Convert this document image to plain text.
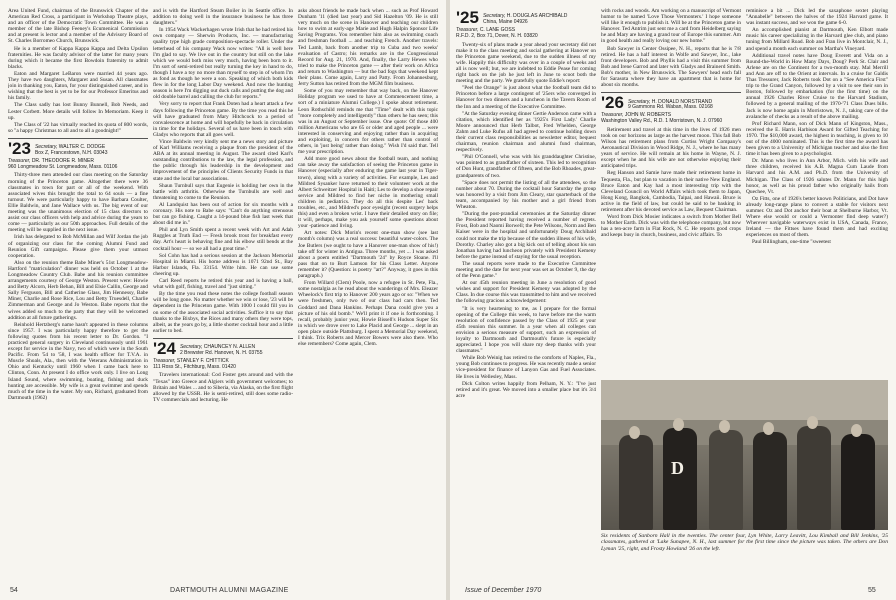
Area United Fund, chairman of the Brunswick Chapter of the American Red Cross, a participant in Workshop Theatre plays, and an officer of the Democratic Town Committee. He was a member of the late Bishop Feeney's Ecumenical Commission and at present is lector and a member of the Advisory Board of St. Charles Borromeo Church, Brunswick.

He is a member of Kappa Kappa Kappa and Delta Upsilon fraternities. He was faculty advisor of the latter for many years during which it became the first Bowdoin fraternity to admit blacks.

Eaton and Margaret LeBaron were married 44 years ago. They have two daughters, Margaret and Susan. All classmates join in thanking you, Eaton, for your distinguished career, and in wishing that the best is yet to be for our Professor Emeritus and his family.

The Class sadly has lost Bunny Bunnell, Bob Needs, and Lester Corbett. More details will follow In Memoriam. Keep it up.

The Class of '22 has virtually reached its quota of 800 words, so "a happy Christmas to all and to all a goodnight!"

'23 Secretary, WALTER C. DODGE
Box Z, Francestown, N.H. 03043
Treasurer, DR. THEODORE R. MINER
960 Longmeadow St. Longmeadow, Mass. 01106

Thirty-three men attended our class meeting on the Saturday morning of the Princeton game. Altogether there were 36 classmates in town for part or all of the weekend. With associated wives this brought the total to 64 souls — a fine turnout. We were particularly happy to have Barbara Coulter, Ellie Baldwin, and Jane Wallace with us. The big event of our meeting was the unanimous election of 15 class directors to assist our class officers with help and advice during the years to come — particularly as our 50th approaches. Full details of the meeting will be supplied in the next issue.

Irish has delegated to Bob McMillan and Wilf Jordan the job of organizing our class for the coming Alumni Fund and Reunion Gift campaigns. Please give them your utmost cooperation.

Also on the reunion theme Babe Miner's 51st Longmeadow-Hartford "matriculation" dinner was held on October 1 at the Longmeadow Country Club. Babe and his reunion committee arrangements courtesy of George Weston. Present were: Howie and Betty Alcorn, Herb Behan, Bill and Elsie Callin, George and Sally Ferguson, Bill and Catherine Glass, Jim Hennessy, Babe Miner, Charlie and Rose Rice, Lou and Betty Truesdell, Charlie Zimmerman and George and Jo Weston. Babe reports that the wives added so much to the party that they will be welcomed addition at all future gatherings.

Reinhold Hertzberg's name hasn't appeared in these columns since 1957. I was particularly happy therefore to get the following quotes from his recent letter to Dr. Gordon. "I practiced general surgery in Cleveland continuously until 1961 except for service in the Navy, two of which were in the South Pacific. From '54 to '58, I was health officer for T.V.A. in Muscle Shoals, Ala., then with the Veterans Administration in Ohio and Kentucky until 1960 when I came back here to Clinton, Conn. At present I do office work only. I live on Long Island Sound, where swimming, boating, fishing and duck hunting are accessible. My wife is a great swimmer and spends much of the time in the water. My son, Richard, graduated from Dartmouth (1962)

and is with the Hartford Steam Boiler in its Seattle office. In addition to doing well in the insurance business he has three daughters."

In 1954 Wack Wackerhagen wrote Irish that he had retired his own company — Sherwin Products, Inc. — manufacturing quality type high grade composition-spectacle roller. Under the letterhead of his company Wack now writes: "All is well here I'm glad to say. We live out in the country but still on the lake which we would both miss very much, having been born to it. I'm sort of semi-retired but really turning the key in hand to do, though I have a toy no more than myself to step in of whom I'm as fond as though he were a son. Speaking of which both kids flew in for the long Labor Day weekend. And now the hunting season is here I'm digging out duck calls and putting the dog and old double barrel and calling the club for reports."

Very sorry to report that Frank Doten had a heart attack a few days following the Princeton game. By the time you read this he will have graduated from Mary Hitchcock to a period of convalescence at home and will hopefully be back in circulation in time for the holidays. Several of us have been in touch with Gladys who reports that all goes well.

Vince Baldwin very kindly sent me a news story and picture of Karl Williams receiving a plaque from the president of the ABA at its annual meeting in August. The award cited Karl's outstanding contributions to the law, the legal profession, and the public through his leadership in the development and improvement of the principles of Clients Security Funds in that state and the local bar associations.

Shaun Turnbull says that Eugenie is holding her own in the battle with arthritis. Otherwise the Turnbulls are well and threatening to come to the Reunion.

Al Landquist has been out of action for six months with a coronary. His note to Babe says: "Can't do anything strenuous but can go fishing. Caught a 14-pound blue fish last week that about did me in."

Phil and Lyn Smith spent a recent week with Art and Adah Ruggles at Truth End — Fresh brook trout for breakfast every day. Art's heart is behaving fine and his elbow still bends at the cocktail hour — so we all had a great time."

Sol Cohn has had a serious session at the Jackson Memorial Hospital in Miami. His home address is 1071 92nd St., Bay Harbor Islands, Fla. 33154. Write him. He can use some cheering up.

Carl Reed reports he retired this year and is having a ball, what with golf, fishing, travel and "just sitting."

By the time you read these notes the college football season will be long gone. No matter whether we win or lose, '23 will be dependent in the Princeton game. With 1000 I could fill you in on some of the associated social activities. Suffice it to say that thanks to the Bixbys, the Rices and many others they were tops, albeit, as the years go by, a little shorter cocktail hour and a little earlier to bed.

'24 Secretary, CHAUNCEY N. ALLEN
2 Brewster Rd. Hanover, N. H. 03755
Treasurer, STANLEY F. CHITTICK
111 Ross St., Fitchburg, Mass. 01420

Travelers international: Cod Foster gets around and with the "Texas" into Greece and Algiers with government welcomes; to Britain and Wales ... and to Siberia, via Alaska, on the first flight allowed by the USSR. He is semi-retired, still does some radio-TV commercials and lecturing. He

asks about friends he made back when ... such as Prof Howard Dunham '11 (died last year) and Sid Hazelton '09. He is still very much on the scene in Hanover and teaching our children how to swim at early-age Marie and Hugh Halpin Sponsor Life Saving Programs. You remember him also as swimming coach and freshman football ... and teaching French. Another travels: Ted Lamb, back from another trip to Cuba and two weeks' evaluation of Castro; his remarks are in the Congressional Record for Aug. 21, 1970. And, finally, the Larry Hewes who tried to make the Princeton game — after their work on Africa and return to Washington — but the bad fogs that weekend kept their plans. Come again, Larry and Patty. From Johannesburg, Jerry Sutton has retired from the MGM film business.

Some of you may remember that way back, on the Hanover Holiday program we used to have at Commencement time, a sort of a miniature Alumni College.) I spoke about retirement. Leon Rothschild reminds me that "Time" dealt with this topic "more completely and intelligently" than others he has seen; this was in an August or September issue. One quote: Of those 400 million Americans who are 65 or older and aged people ... were interested in conserving and enjoying rather than in acquiring and exploiting, in concern for others rather than control of others, in 'just being' rather than doing." Wish I'd said that. Tell me your prescription.

Add more good news about the football team, and nothing can take away the satisfaction of seeing the Princeton game in Hanover (especially after enduring the game last year in Tiger-town), along with a variety of activities. For example, Les and Mildred Sysanker have returned to their volunteer work at the Albert Schweitzer Hospital in Haiti; Les to develop a shoe repair service and Mildred to find her niche in mothering small children in pediatrics. They do all this despite Les' back troubles, etc., and Mildred's poor eyesight (recent surgery helps this) and even a broken wrist. I have their detailed story on file; it will, perhaps, make you ask yourself some questions about your -patience and living.

Art notes: Dick Morin's recent one-man show (see last month's column) was a real success: beautiful water-colors. The Joe Butlers (we ought to have a Hanover one-man show of his!) take off for winter in Antigua. Three months, yet ... I was asked about a poem entitled "Dartmouth '24" by Royce Sloane. I'll pass that on to Burt Lamson for his Class Letter. Anyone remember it? (Question: is poetry "art?" Anyway, it goes in this paragraph.)

From Willard (Clem) Poole, now a refugee in St. Pete, Fla., some nostalgia as he read about the wanderings of Mrs. Eleazer Wheelock's first trip to Hanover 200 years ago or so: "When we were freshmen, only two of our class had cars then. Ted Goddard and Dana Hankins. Perhaps Dana could give you a picture of his old bomb." We'll print it if one is forthcoming. I recall, probably junior year, Howie Bissell's Hudson Super Six in which we drove over to Lake Placid and George ... slept in an open place outside Plattsburg. I spent a Memorial Day weekend, I think. Trix Roberts and Mercer Bowers were also there. Who else remembers? Come again, Clem.

54	DARTMOUTH ALUMNI MAGAZINE
'25 Secretary, H. DOUGLAS ARCHIBALD
China, Maine 04926
Treasurer, C. LANE GOSS
R.F.D. 2, Box 71, Dover, N. H. 03820

Twenty-six of plans made a year ahead your secretary did not make it to the class meeting and social gathering at Hanover on the Princeton game weekend, due to the sudden illness of my wife. Happily this difficulty was over in a couple of weeks and all is now well; but, we are indebted to Eddie Pease for coming right back on the job he just left in June to scoot both the meeting and the party. We gratefully quote Eddie's report:

"Peel the Orange" is just about what the football team did to Princeton before a large contingent of '25ers who converged in Hanover for two dinners and a luncheon in the Tavern Room of the Inn and a meeting of the Executive Committee.

"At the Saturday evening dinner Gertie Anderson came with a citation, which identified her as '1925's First Lady.' Charlie Moore announced that Herb Talbot, Fred Whelden, George Zahm and Luke Rufus all had agreed to continue holding down their current class responsibilities as newsletter editor, bequest chairman, reunion chairman and alumni fund chairman, respectively.

"Phil O'Connell, who was with his granddaughter Christine, was pointed to as grandfather of sixteen. This led to recognition of Don Hunt, grandfather of fifteen, and the Bob Rhoades, great-grandparents of two.

"Space does not permit the listing of all the attendees, so the number about 70. During the cocktail hour Saturday the group was honored by a visit from Jim Cleary, star quarterback of the team, accompanied by his mother and a girl friend from Wheaton.

"During the post-prandial ceremonies at the Saturday dinner the President reported having received a number of regrets. Frost, Bob and Naomi Borwell; the Pete Wilsons, Norm and Ben Kaiser were in the hospital and unfortunately Doug Archibald could not make the trip because of the sudden illness of his wife, Dorothy. Charley also got a big kick out of telling about his son Jonathan having had luncheon privately with President Kemeny before the game instead of staying for the usual reception.

The usual reports were made to the Executive Committee meeting and the date for next year was set as October 9, the day of the Penn game."

At our 45th reunion meeting in June a resolution of good wishes and support for President Kemeny was adopted by the Class. In due course this was transmitted to him and we received the following gracious acknowledgement:

"It is very heartening to me, as I prepare for the formal opening of the College this week, to have before me the warm resolution of confidence passed by the Class of 1925 at your 45th reunion this summer. In a year when all colleges can envision a serious measure of support, such an expression of loyalty to Dartmouth and Dartmouth's future is especially appreciated. I hope you will share my deep thanks with your classmates."

While Bob Weinig has retired to the comforts of Naples, Fla., young Bob continues to progress. He was recently made a senior vice-president for finance of Lanyon Gas and Fuel Associates. He lives in Wellesley, Mass.

Dick Colton writes happily from Pelham, N. Y.: "I've just retired and it's great. We moved into a smaller place but it's 3/4 acre

with rocks and woods. Am working on a manuscript of Vermont humor to be named 'Love Those Vermonters.' I hope someone will like it enough to publish it. Will be at the Princeton game in Hanover. Ted Antrim just sent me a card from Heidelberg saying he and Mary are having a grand tour of Europe this summer. Am in good health and really loving our new home."

Bob Sawyer in Center Ossipee, N. H., reports that he is 7/8 retired. He has a half interest in Wolfe and Sawyer, Inc., lake front developers. Bob and Phyllis had a visit this summer from Bob and Irene Garrod and later with Gladys and Brainerd Smith. Bob's mother, in New Brunswick. The Sawyers' head each fall for Sarasota where they have an apartment that is home for about six months.

'26 Secretary, H. DONALD NORSTRAND
9 Gammons Rd. Waban, Mass. 02168
Treasurer, JOHN W. ROBERTS
Washington Valley Rd., R.D. 1 Morristown, N. J. 07960

Retirement and travel at this time in the lives of 1926 men took on our horizons as large as the harvest moon. This fall Bob Wilson has retirement plans from Curtiss Wright Company's Aeronautical Division in Wood Ridge, N. J., where he has many years of service. He will remain at his home in Wayne, N. J. except when he and his wife are not otherwise enjoying their anticipated trips.

Reg Hanson and Samie have made their retirement home in Tequesta, Fla., but plan to vacation in their native New England. Bruce Eaton and Kay had a most interesting trip with the Cleveland Council on World Affairs which took them to Japan, Hong Kong, Bangkok, Cambodia, Taipai, and Hawaii. Bruce is active in the field of law, but could be said to be basking in retirement after his devoted service as Law, Bequest Chairman.

Word from Dick Mosier indicates a switch from Mother Bell to Mother Earth. Dick was with the telephone company, but now has a ten-acre farm in Flat Rock, N. C. He reports good crops and keeps busy in church, business, and civic affairs. To

reminisce a bit ... Dick led the saxaphone sextet playing "Annabelle" between the halves of the 1924 Harvard game. It was instant success, and we won the game 6-0.

An accomplished pianist at Dartmouth, Ken Elbott made music his career specializing in the Harvard glee club, and piano tuning from Millard Road. Bob and Fran live in Montclair, N. J., and spend a month each summer on Martha's Vineyard.

Additional travel notes have Doug Everett and Vida on a Round-the-World in How Many Days, Doug? Perk St. Clair and Arlene are on the Continent for a two-month stay. Mal Merrill and Ann are off to the Orient at intervals. In a cruise for Galdis Thas Tressurer, Jack Roberts took Dot on a "See America First" trip to the Grand Canyon, followed by a visit to see their son in Boston, followed by embarkation (for the first time) on the annual 1926 Charles River Cruise to the Harvard Stadium, followed by a general mailing of the 1970-'71 Class Dues bills. Jack is now home again in Morristown, N. J., taking care of the avalanche of checks as a result of the above mailing.

Prof Richard Mann, son of Dick Mann of Kingston, Mass., received the E. Harris Harbison Award for Gifted Teaching for 1970. The $10,000 award, the highest in teaching, is given to 10 out of the 4000 nominated. This is the first time the award has been given to a University of Michigan teacher and also the first time it has been given to a psychologist.

Dr. Mann who lives in Ann Arbor, Mich. with his wife and three children, received his A.B. Magna Cum Laude from Harvard and his A.M. and Ph.D. from the University of Michigan. The Class of 1926 salutes Dr. Mann for this high honor, as well as his proud father who originally hails from Quechee, Vt.

Oz Fitts, one of 1926's better known Politicians, and Dot have already long-range plans to convert a stable for visitors next summer. Oz and Dot anchor their boat at Shelburne Harbor, Vt. Where else would or could a Vermonter find deep water?) Wherever navigable waterways exist in USA, Canada, France, Ireland — the Fittses have found them and had exciting experiences on most of them.

Paul Billingham, one-time "sweetest

D
Six residents of Sanborn Hall in the twenties. The center four, Lyn White, Larry Leavitt, Lou Kimball and Bill Jenkins, '25 classmates, gathered at 'Lake Sunapee, N. H., last summer for the first time since the picture was taken. The others are Don Lyman '25, right, and Frosty Howland '26 on the left.
Issue of December 1970	55
